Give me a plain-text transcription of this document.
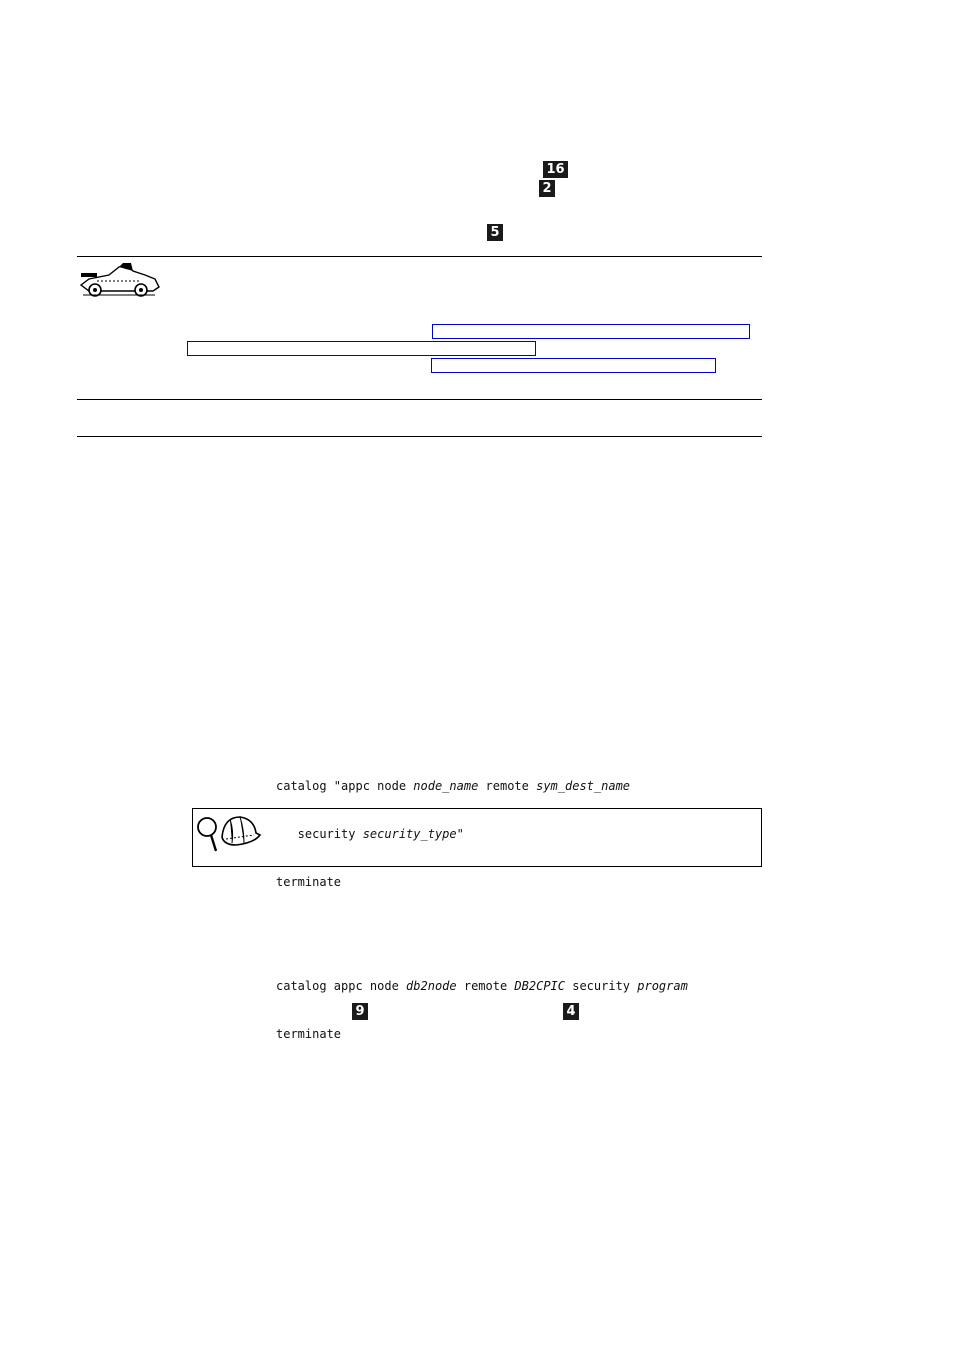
16
2
5

catalog "appc node node_name remote sym_dest_name

security security_type"

terminate

catalog appc node db2node remote DB2CPIC security program

terminate

9	4
